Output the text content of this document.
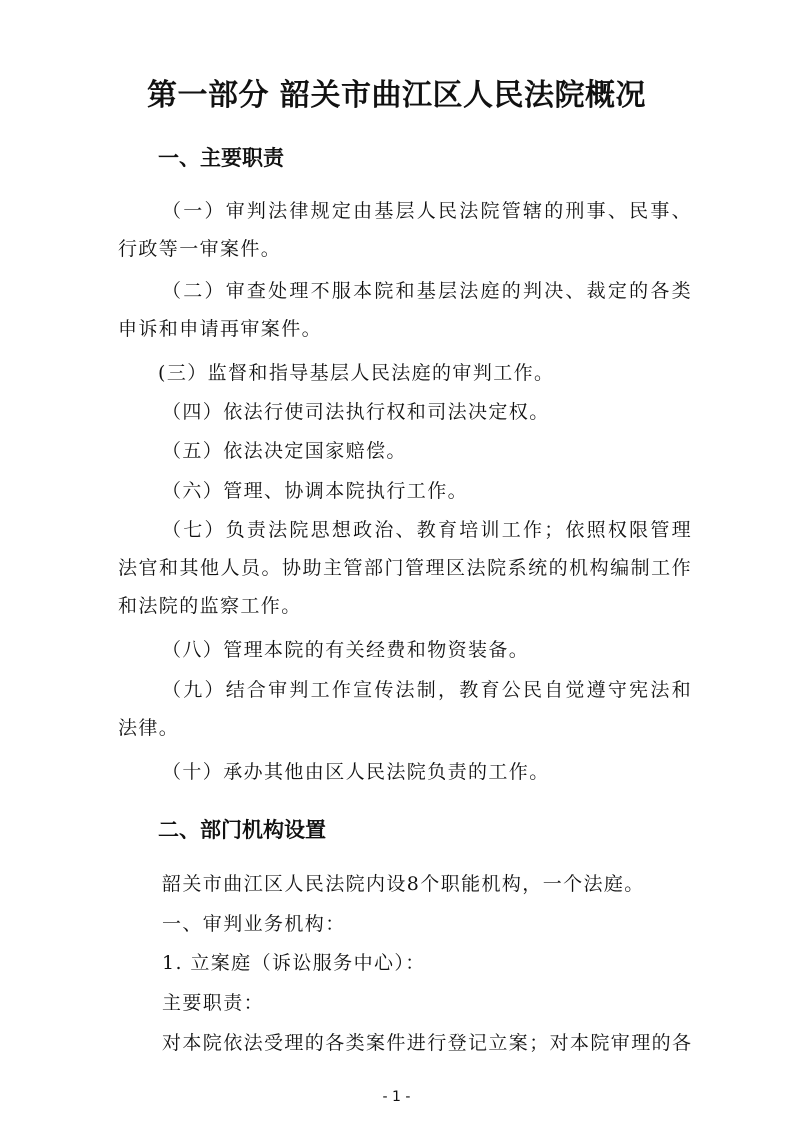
第一部分 韶关市曲江区人民法院概况
一、主要职责

（一）审判法律规定由基层人民法院管辖的刑事、民事、行政等一审案件。

（二）审查处理不服本院和基层法庭的判决、裁定的各类申诉和申请再审案件。

(三）监督和指导基层人民法庭的审判工作。
（四）依法行使司法执行权和司法决定权。
（五）依法决定国家赔偿。
（六）管理、协调本院执行工作。

（七）负责法院思想政治、教育培训工作；依照权限管理法官和其他人员。协助主管部门管理区法院系统的机构编制工作和法院的监察工作。

（八）管理本院的有关经费和物资装备。

（九）结合审判工作宣传法制，教育公民自觉遵守宪法和法律。

（十）承办其他由区人民法院负责的工作。
二、部门机构设置
韶关市曲江区人民法院内设8个职能机构，一个法庭。
一、审判业务机构：
1. 立案庭（诉讼服务中心）：
主要职责：
对本院依法受理的各类案件进行登记立案；对本院审理的各
- 1 -
